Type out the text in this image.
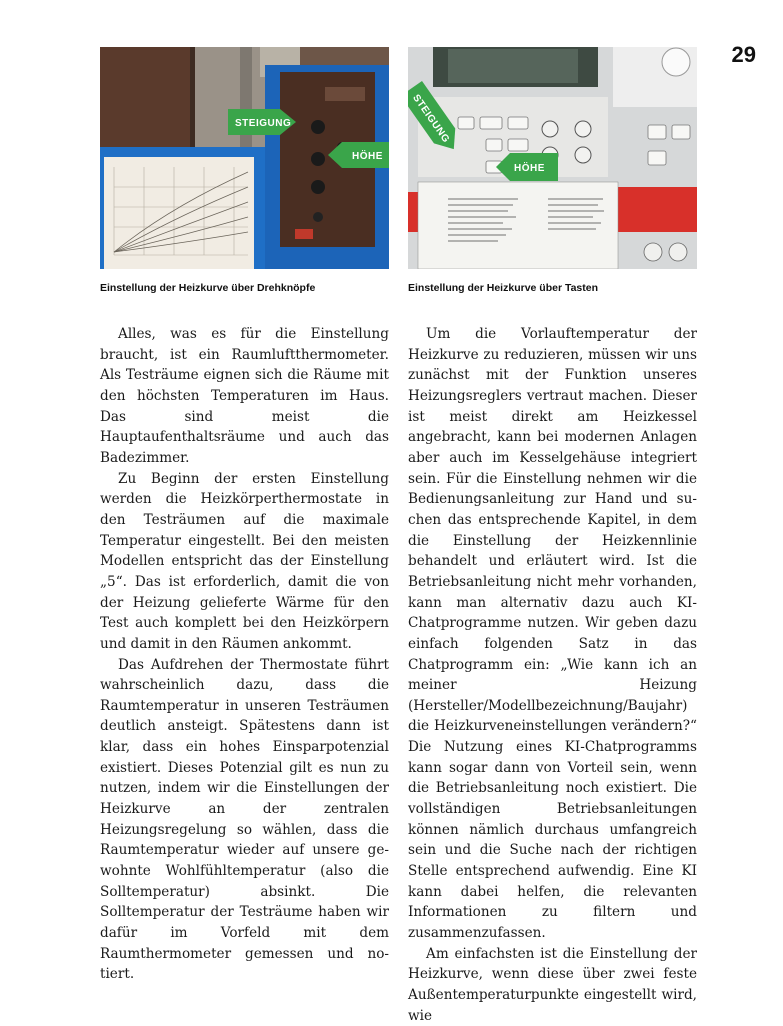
29
STEIGUNG
HÖHE
STEIGUNG
HÖHE
Einstellung der Heizkurve über Drehknöpfe	Einstellung der Heizkurve über Tasten

Alles, was es für die Einstellung braucht, ist ein Raumluftthermometer. Als Testräume eignen sich die Räume mit den höchsten Temperaturen im Haus. Das sind meist die Hauptaufenthaltsräume und auch das Badezimmer.

Zu Beginn der ersten Einstellung werden die Heizkörperthermostate in den Testräumen auf die maximale Temperatur eingestellt. Bei den meisten Modellen entspricht das der Einstellung „5“. Das ist erforderlich, damit die von der Heizung gelieferte Wärme für den Test auch komplett bei den Heizkörpern und damit in den Räumen ankommt.

Das Aufdrehen der Thermostate führt wahrscheinlich dazu, dass die Raumtemperatur in unseren Testräumen deutlich ansteigt. Spätestens dann ist klar, dass ein hohes Einsparpotenzial existiert. Dieses Potenzial gilt es nun zu nutzen, indem wir die Einstellungen der Heizkurve an der zentralen Heizungsregelung so wählen, dass die Raumtemperatur wieder auf unsere gewohnte Wohlfühltemperatur (also die Solltemperatur) absinkt. Die Solltemperatur der Testräume haben wir dafür im Vorfeld mit dem Raumthermometer gemessen und notiert.

Um die Vorlauftemperatur der Heizkurve zu reduzieren, müssen wir uns zunächst mit der Funktion unseres Heizungsreglers vertraut machen. Dieser ist meist direkt am Heizkessel angebracht, kann bei modernen Anlagen aber auch im Kesselgehäuse integriert sein. Für die Einstellung nehmen wir die Bedienungsanleitung zur Hand und suchen das entsprechende Kapitel, in dem die Einstellung der Heizkennlinie behandelt und erläutert wird. Ist die Betriebsanleitung nicht mehr vorhanden, kann man alternativ dazu auch KI-Chatprogramme nutzen. Wir geben dazu einfach folgenden Satz in das Chatprogramm ein: „Wie kann ich an meiner Heizung (Hersteller/Modellbezeichnung/Baujahr) die Heizkurveneinstellungen verändern?“ Die Nutzung eines KI-Chatprogramms kann sogar dann von Vorteil sein, wenn die Betriebsanleitung noch existiert. Die vollständigen Betriebsanleitungen können nämlich durchaus umfangreich sein und die Suche nach der richtigen Stelle entsprechend aufwendig. Eine KI kann dabei helfen, die relevanten Informationen zu filtern und zusammenzufassen.

Am einfachsten ist die Einstellung der Heizkurve, wenn diese über zwei feste Außentemperaturpunkte eingestellt wird, wie
